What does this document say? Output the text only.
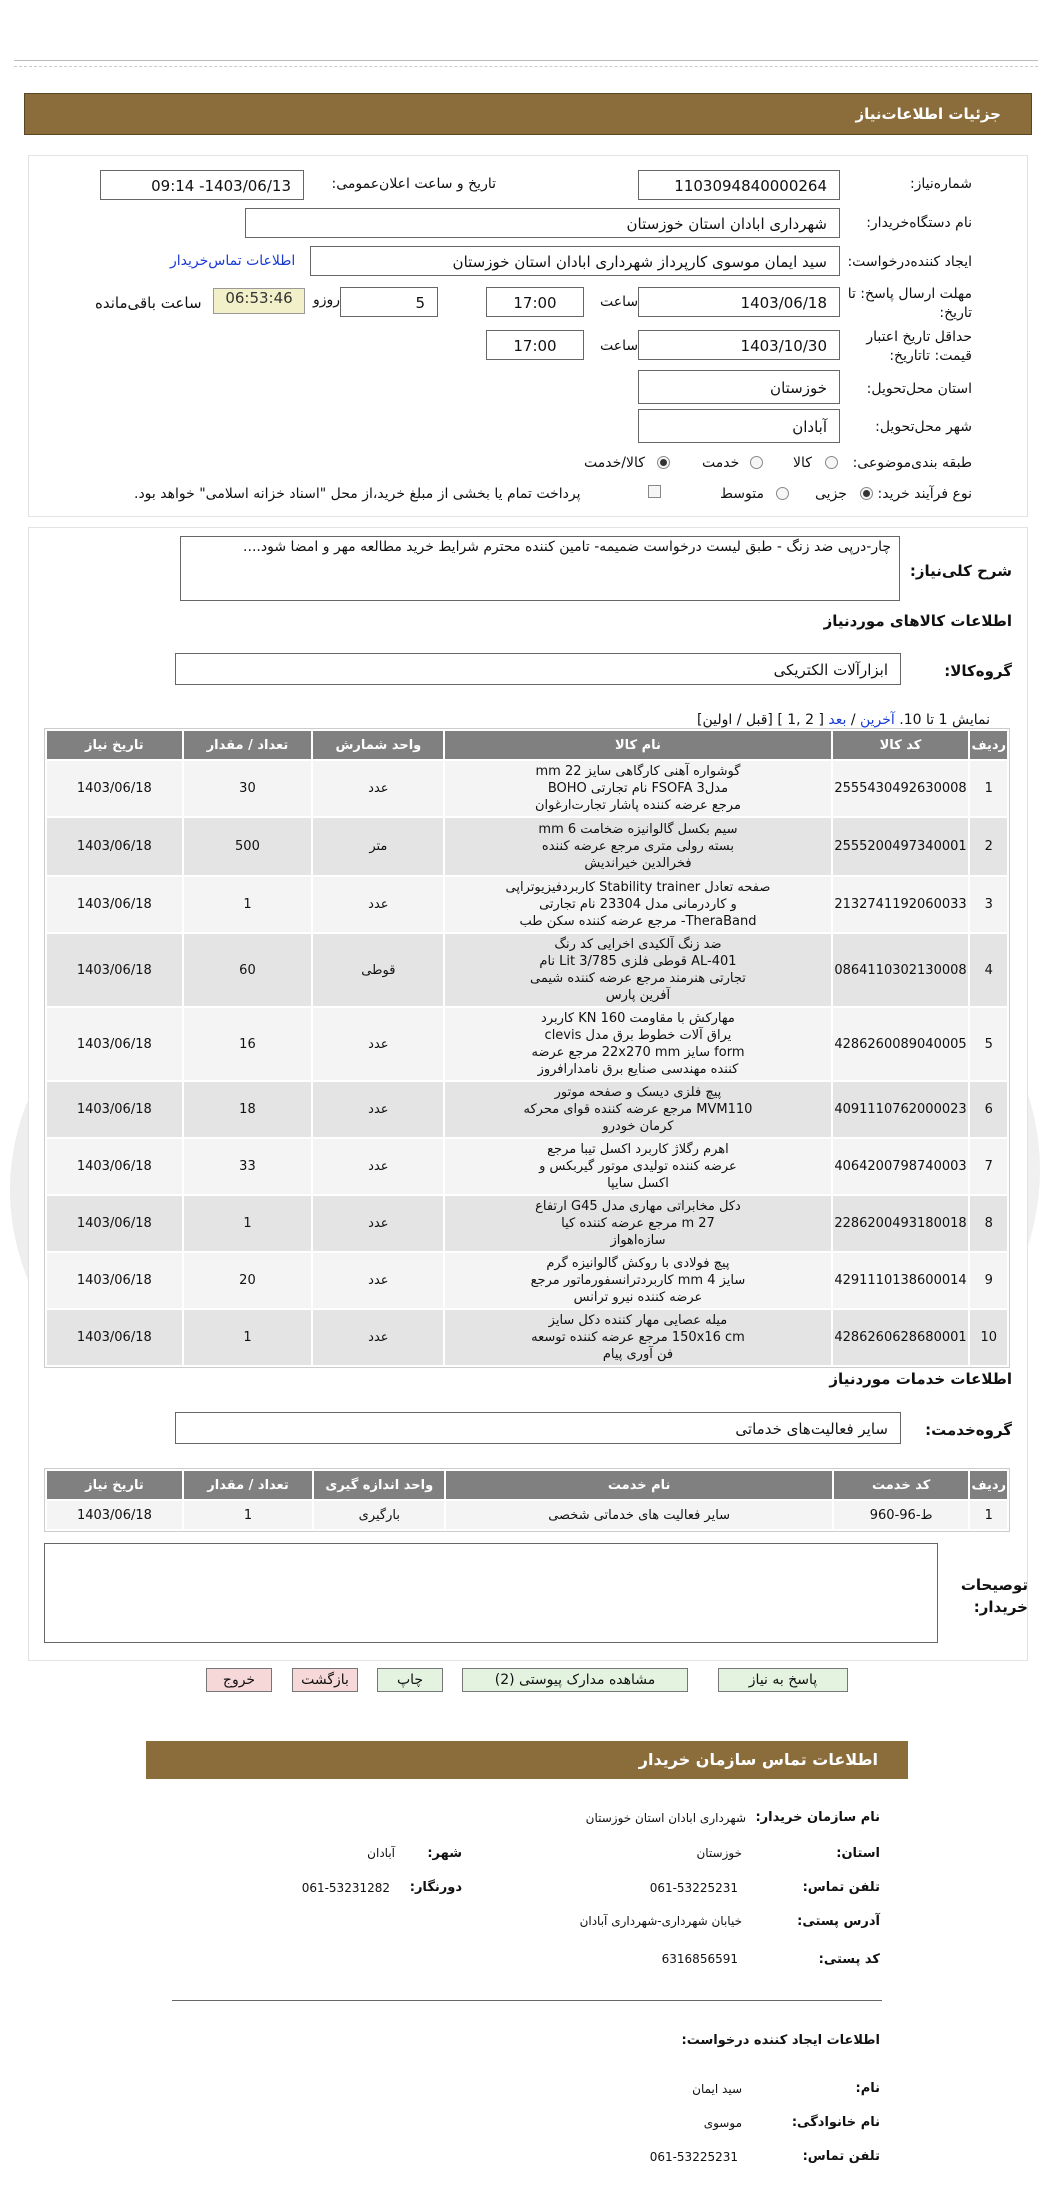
جزئیات اطلاعات‌نیاز
شماره‌نیاز:
1103094840000264
تاریخ و ساعت اعلان‌عمومی:
1403/06/13- 09:14
نام دستگاه‌خریدار:
شهرداری ابادان استان خوزستان
ایجاد کننده‌درخواست:
سید ایمان موسوی کارپرداز شهرداری ابادان استان خوزستان
اطلاعات تماس‌خریدار
مهلت ارسال پاسخ: تا تاریخ:
1403/06/18
ساعت
17:00
روزو	5
06:53:46
ساعت باقی‌مانده
حداقل تاریخ اعتبار قیمت: تاتاریخ:
1403/10/30
ساعت
17:00
استان محل‌تحویل:
خوزستان
شهر محل‌تحویل:
آبادان
طبقه بندی‌موضوعی:
کالا
خدمت
کالا/خدمت
نوع فرآیند خرید:
جزیی
متوسط
پرداخت تمام یا بخشی از مبلغ خرید،از محل "اسناد خزانه اسلامی" خواهد بود.
شرح کلی‌نیاز:
چار-درپی ضد زنگ - طبق لیست درخواست ضمیمه- تامین کننده محترم شرایط خرید مطالعه مهر و امضا شود....
اطلاعات کالاهای موردنیاز
گروه‌کالا:
ابزارآلات الکتریکی
نمایش 1 تا 10. آخرین / بعد [ 2 ,1 ] [قبل / اولین]
ردیف	کد کالا	نام کالا	واحد شمارش	تعداد / مقدار	تاریخ نیاز
1	2555430492630008	گوشواره آهنی کارگاهی سایز 22 mm
مدلFSOFA 3 نام تجارتی BOHO
مرجع عرضه کننده پاشار تجارت‌ارغوان	عدد	30	1403/06/18
2	2555200497340001	سیم بکسل گالوانیزه ضخامت 6 mm
بسته رولی متری مرجع عرضه کننده
فخرالدین خیراندیش	متر	500	1403/06/18
3	2132741192060033	صفحه تعادل Stability trainer کاربردفیزیوتراپی
و کاردرمانی مدل 23304 نام تجارتی
TheraBand- مرجع عرضه کننده سکن طب	عدد	1	1403/06/18
4	0864110302130008	ضد زنگ آلکیدی اخرایی کد رنگ
AL-401 قوطی فلزی 3/785 Lit نام
تجارتی هنرمند مرجع عرضه کننده شیمی
آفرین پارس	قوطی	60	1403/06/18
5	4286260089040005	مهارکش با مقاومت 160 KN کاربرد
یراق آلات خطوط برق مدل clevis
form سایز 22x270 mm مرجع عرضه
کننده مهندسی صنایع برق نامدارافروز	عدد	16	1403/06/18
6	4091110762000023	پیچ فلزی دیسک و صفحه موتور
MVM110 مرجع عرضه کننده قوای محرکه
کرمان خودرو	عدد	18	1403/06/18
7	4064200798740003	اهرم رگلاژ کاربرد اکسل تیبا مرجع
عرضه کننده تولیدی موتور گیربکس و
اکسل سایپا	عدد	33	1403/06/18
8	2286200493180018	دکل مخابراتی مهاری مدل G45 ارتفاع
27 m مرجع عرضه کننده کیا
سازه‌اهواز	عدد	1	1403/06/18
9	4291110138600014	پیچ فولادی با روکش گالوانیزه گرم
سایز 4 mm کاربردترانسفورماتور مرجع
عرضه کننده نیرو ترانس	عدد	20	1403/06/18
10	4286260628680001	میله عصایی مهار کننده دکل سایز
150x16 cm مرجع عرضه کننده توسعه
فن آوری پیام	عدد	1	1403/06/18
اطلاعات خدمات موردنیاز
گروه‌خدمت:
سایر فعالیت‌های خدماتی
ردیف	کد خدمت	نام خدمت	واحد اندازه گیری	تعداد / مقدار	تاریخ نیاز
1	ط-96-960	سایر فعالیت های خدماتی شخصی	بارگیری	1	1403/06/18
توصیحات خریدار:
پاسخ به نیاز
مشاهده مدارک پیوستی (2)
چاپ
بازگشت
خروج
اطلاعات تماس سازمان خریدار
نام سازمان خریدار:
شهرداری ابادان استان خوزستان
استان:
خوزستان
شهر:
آبادان
تلفن تماس:
061-53225231
دورنگار:
061-53231282
آدرس پستی:
خیابان شهرداری-شهرداری آبادان
کد پستی:
6316856591
اطلاعات ایجاد کننده درخواست:
نام:
سید ایمان
نام خانوادگی:
موسوی
تلفن تماس:
061-53225231
